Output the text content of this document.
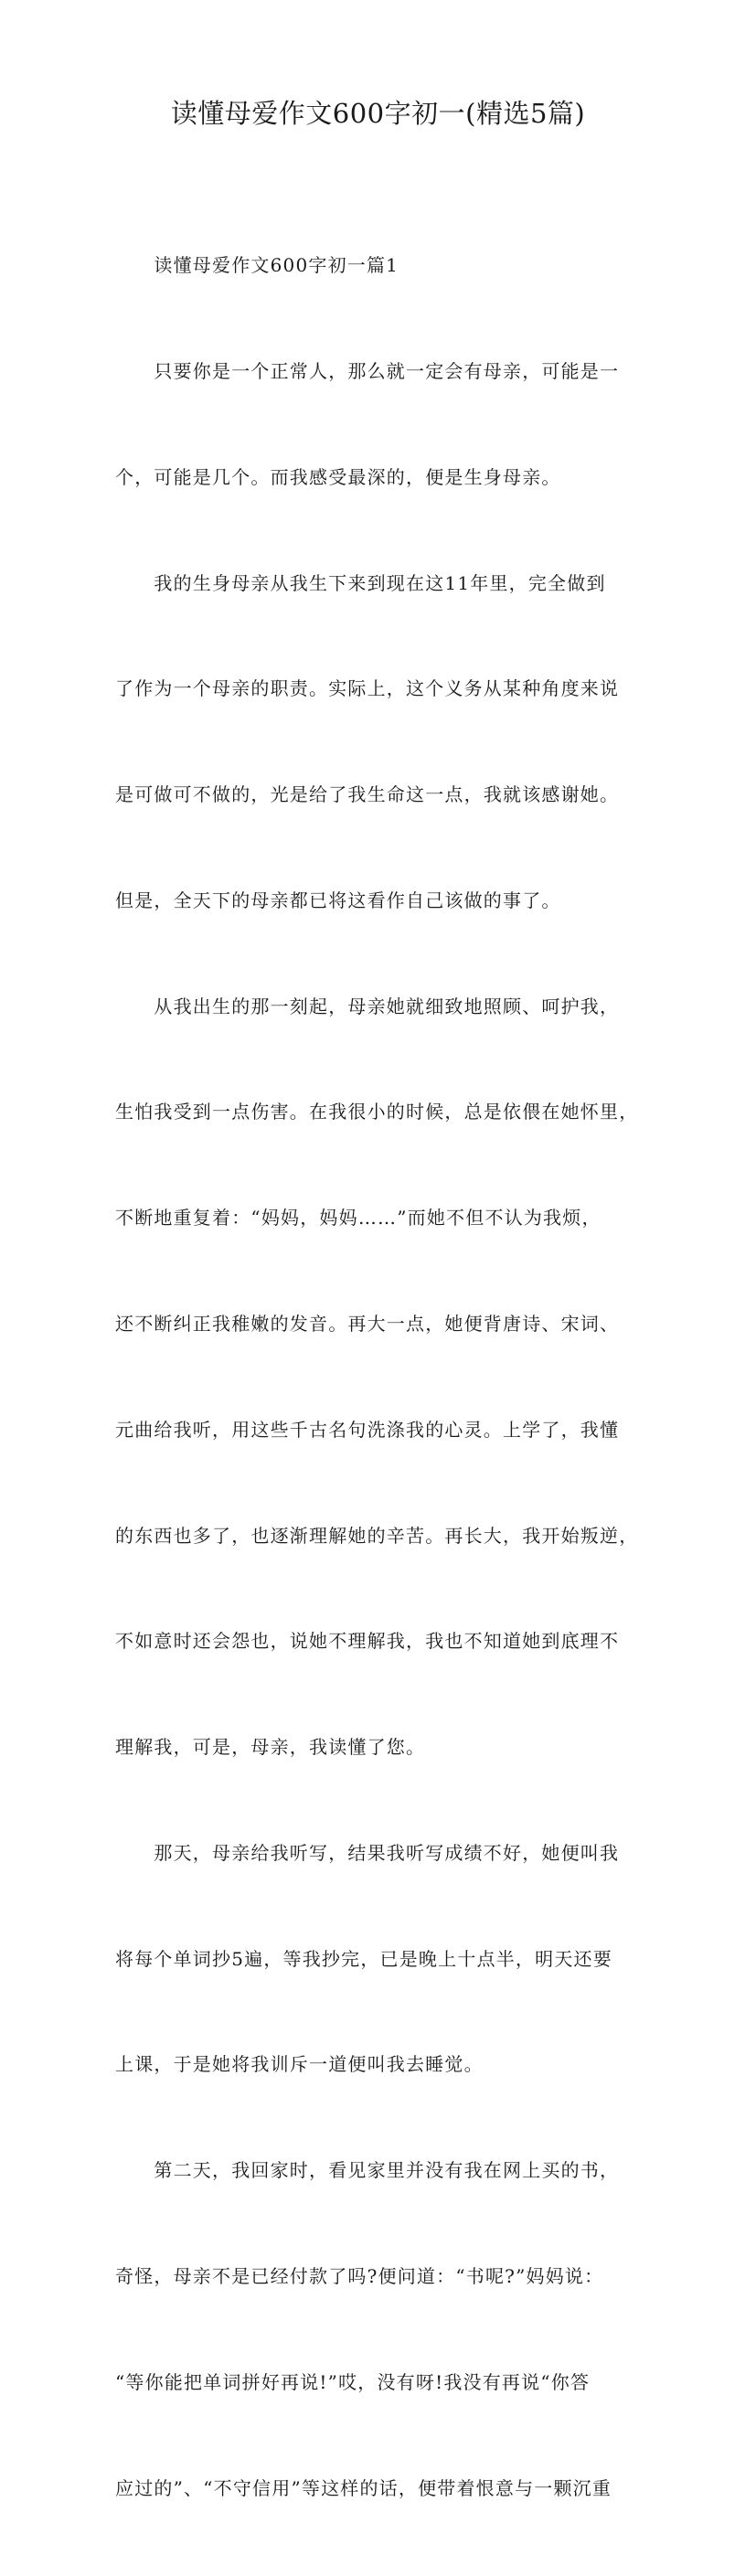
读懂母爱作文600字初一(精选5篇)

　　读懂母爱作文600字初一篇1

　　只要你是一个正常人，那么就一定会有母亲，可能是一

个，可能是几个。而我感受最深的，便是生身母亲。

　　我的生身母亲从我生下来到现在这11年里，完全做到

了作为一个母亲的职责。实际上，这个义务从某种角度来说

是可做可不做的，光是给了我生命这一点，我就该感谢她。

但是，全天下的母亲都已将这看作自己该做的事了。

　　从我出生的那一刻起，母亲她就细致地照顾、呵护我，

生怕我受到一点伤害。在我很小的时候，总是依偎在她怀里，

不断地重复着：“妈妈，妈妈……”而她不但不认为我烦，

还不断纠正我稚嫩的发音。再大一点，她便背唐诗、宋词、

元曲给我听，用这些千古名句洗涤我的心灵。上学了，我懂

的东西也多了，也逐渐理解她的辛苦。再长大，我开始叛逆，

不如意时还会怨也，说她不理解我，我也不知道她到底理不

理解我，可是，母亲，我读懂了您。

　　那天，母亲给我听写，结果我听写成绩不好，她便叫我

将每个单词抄5遍，等我抄完，已是晚上十点半，明天还要

上课，于是她将我训斥一道便叫我去睡觉。

　　第二天，我回家时，看见家里并没有我在网上买的书，

奇怪，母亲不是已经付款了吗?便问道：“书呢?”妈妈说：

“等你能把单词拼好再说!”哎，没有呀!我没有再说“你答

应过的”、“不守信用”等这样的话，便带着恨意与一颗沉重
